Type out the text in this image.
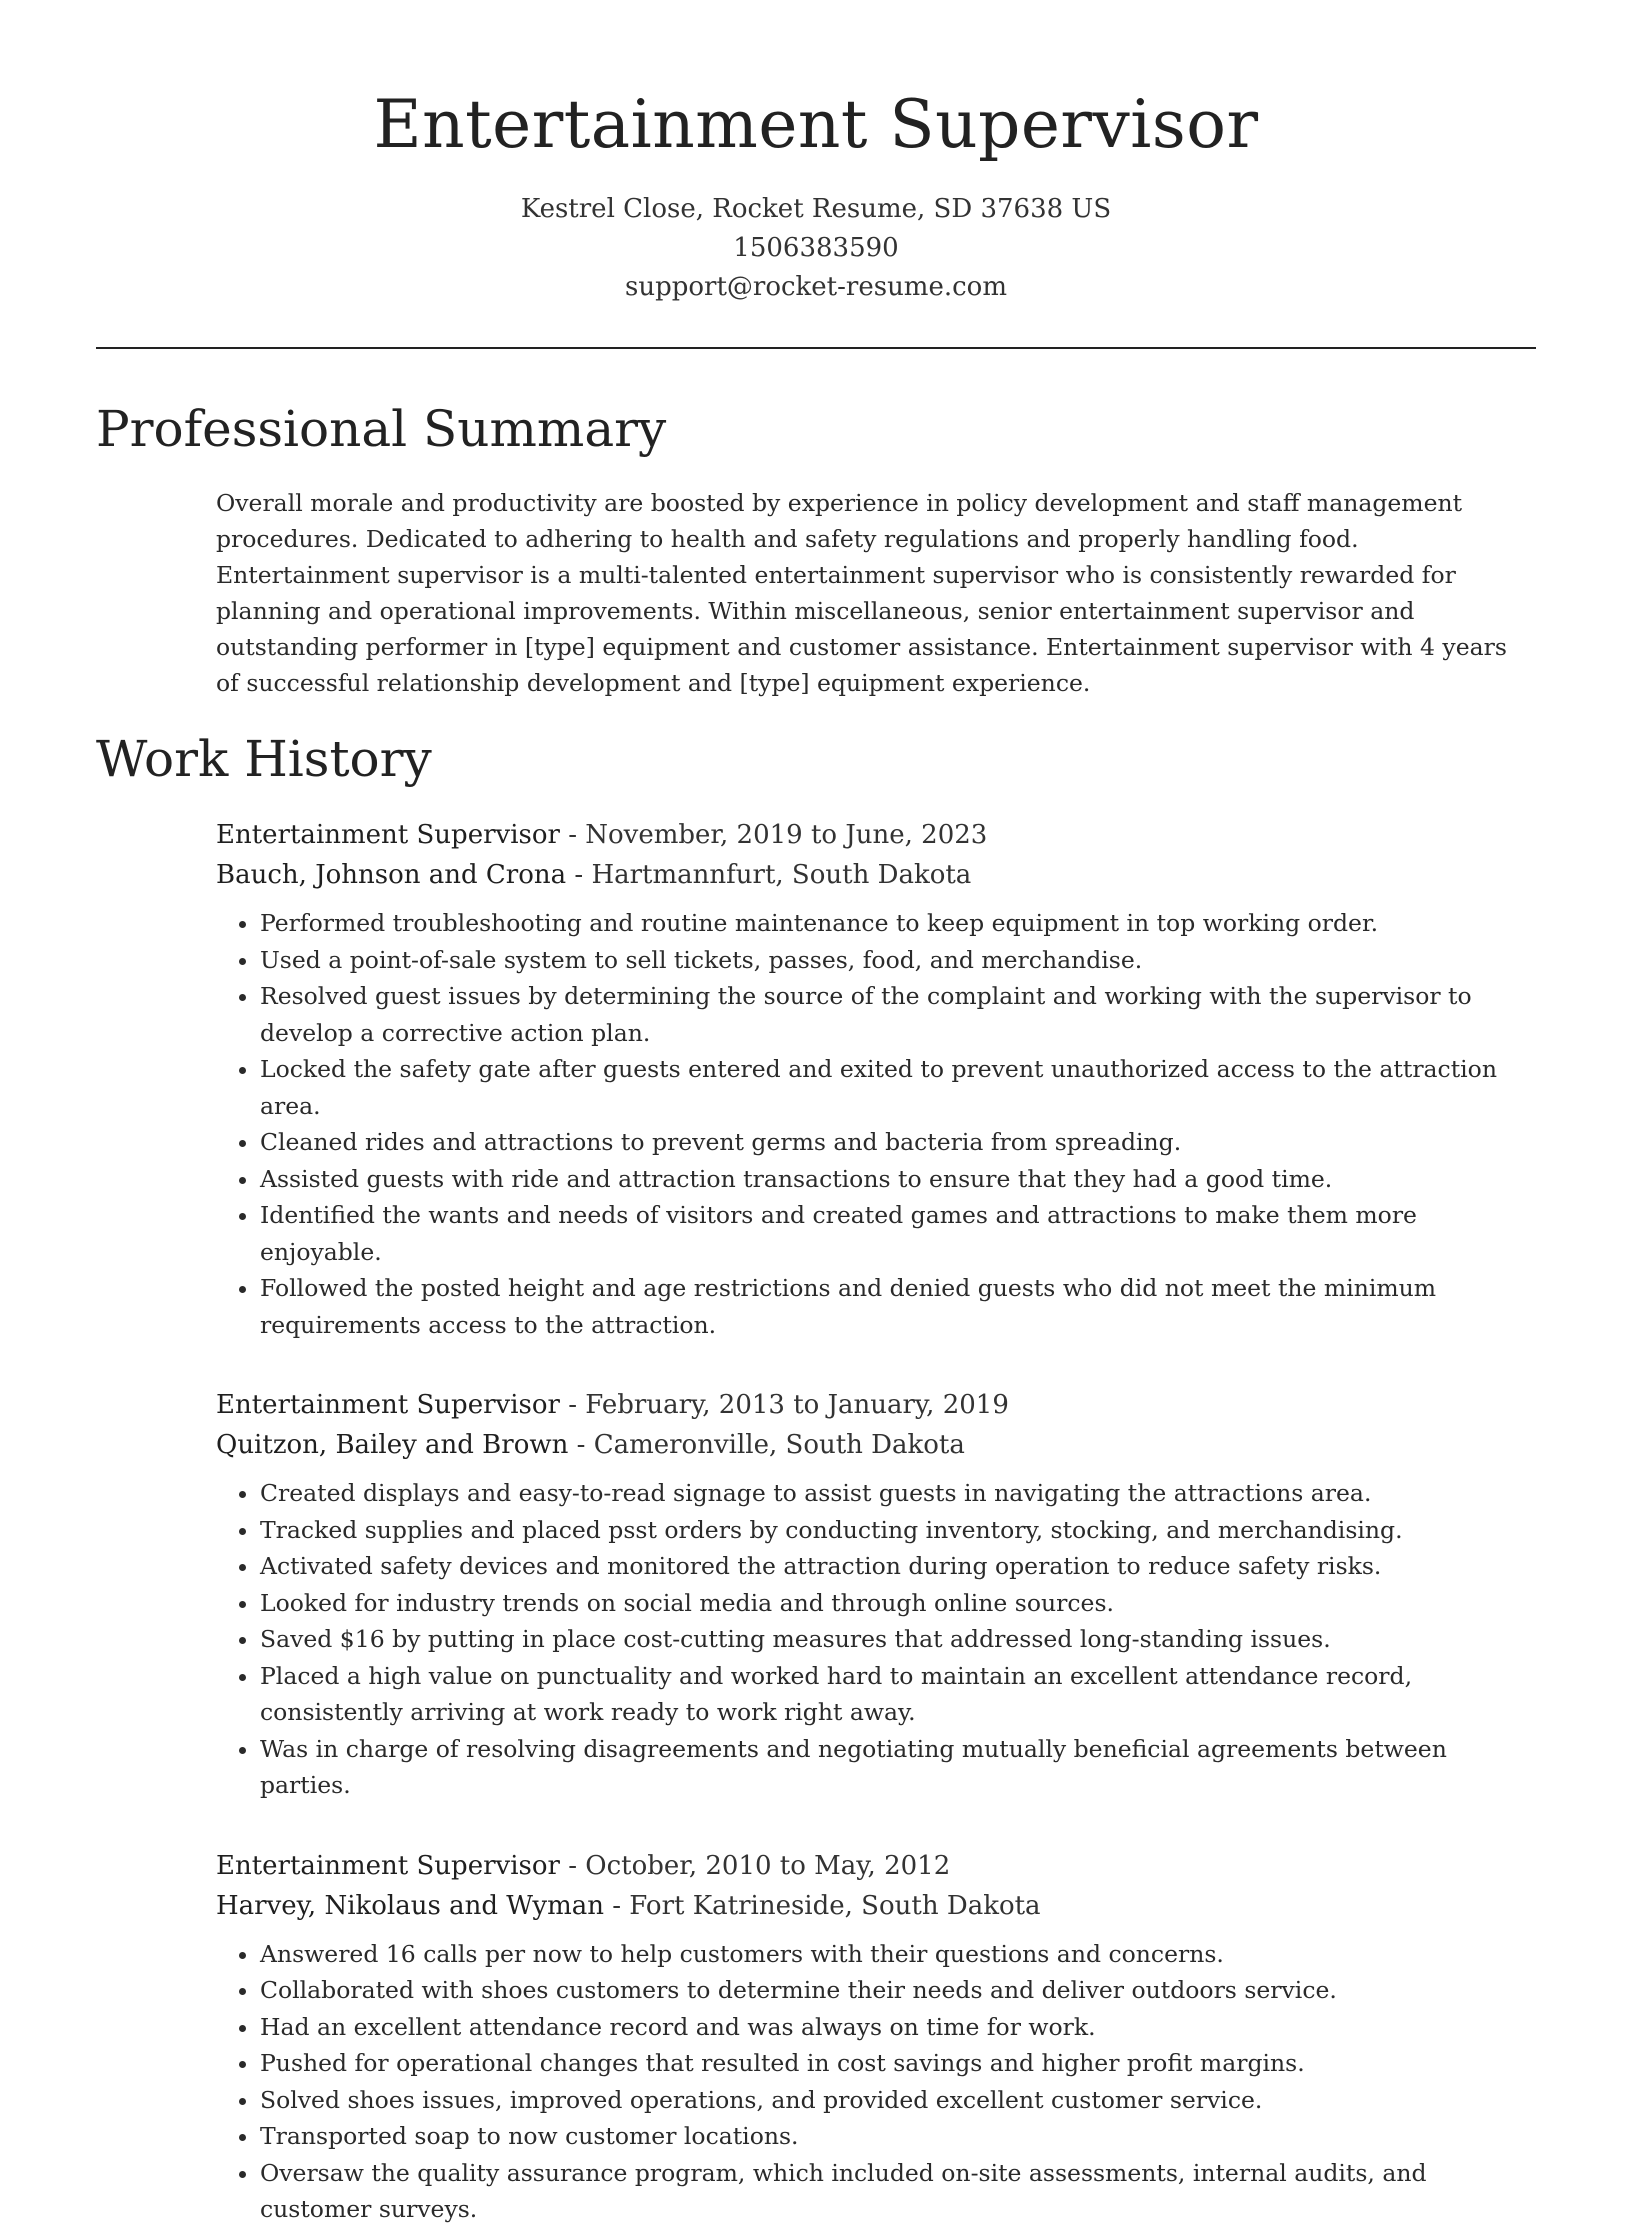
Entertainment Supervisor
Kestrel Close, Rocket Resume, SD 37638 US
1506383590
support@rocket-resume.com
Professional Summary

Overall morale and productivity are boosted by experience in policy development and staff management procedures. Dedicated to adhering to health and safety regulations and properly handling food. Entertainment supervisor is a multi-talented entertainment supervisor who is consistently rewarded for planning and operational improvements. Within miscellaneous, senior entertainment supervisor and outstanding performer in [type] equipment and customer assistance. Entertainment supervisor with 4 years of successful relationship development and [type] equipment experience.

Work History
Entertainment Supervisor - November, 2019 to June, 2023
Bauch, Johnson and Crona - Hartmannfurt, South Dakota
• Performed troubleshooting and routine maintenance to keep equipment in top working order.
• Used a point-of-sale system to sell tickets, passes, food, and merchandise.
• Resolved guest issues by determining the source of the complaint and working with the supervisor to develop a corrective action plan.
• Locked the safety gate after guests entered and exited to prevent unauthorized access to the attraction area.
• Cleaned rides and attractions to prevent germs and bacteria from spreading.
• Assisted guests with ride and attraction transactions to ensure that they had a good time.
• Identified the wants and needs of visitors and created games and attractions to make them more enjoyable.
• Followed the posted height and age restrictions and denied guests who did not meet the minimum requirements access to the attraction.
Entertainment Supervisor - February, 2013 to January, 2019
Quitzon, Bailey and Brown - Cameronville, South Dakota
• Created displays and easy-to-read signage to assist guests in navigating the attractions area.
• Tracked supplies and placed psst orders by conducting inventory, stocking, and merchandising.
• Activated safety devices and monitored the attraction during operation to reduce safety risks.
• Looked for industry trends on social media and through online sources.
• Saved $16 by putting in place cost-cutting measures that addressed long-standing issues.
• Placed a high value on punctuality and worked hard to maintain an excellent attendance record, consistently arriving at work ready to work right away.
• Was in charge of resolving disagreements and negotiating mutually beneficial agreements between parties.
Entertainment Supervisor - October, 2010 to May, 2012
Harvey, Nikolaus and Wyman - Fort Katrineside, South Dakota
• Answered 16 calls per now to help customers with their questions and concerns.
• Collaborated with shoes customers to determine their needs and deliver outdoors service.
• Had an excellent attendance record and was always on time for work.
• Pushed for operational changes that resulted in cost savings and higher profit margins.
• Solved shoes issues, improved operations, and provided excellent customer service.
• Transported soap to now customer locations.
• Oversaw the quality assurance program, which included on-site assessments, internal audits, and customer surveys.
